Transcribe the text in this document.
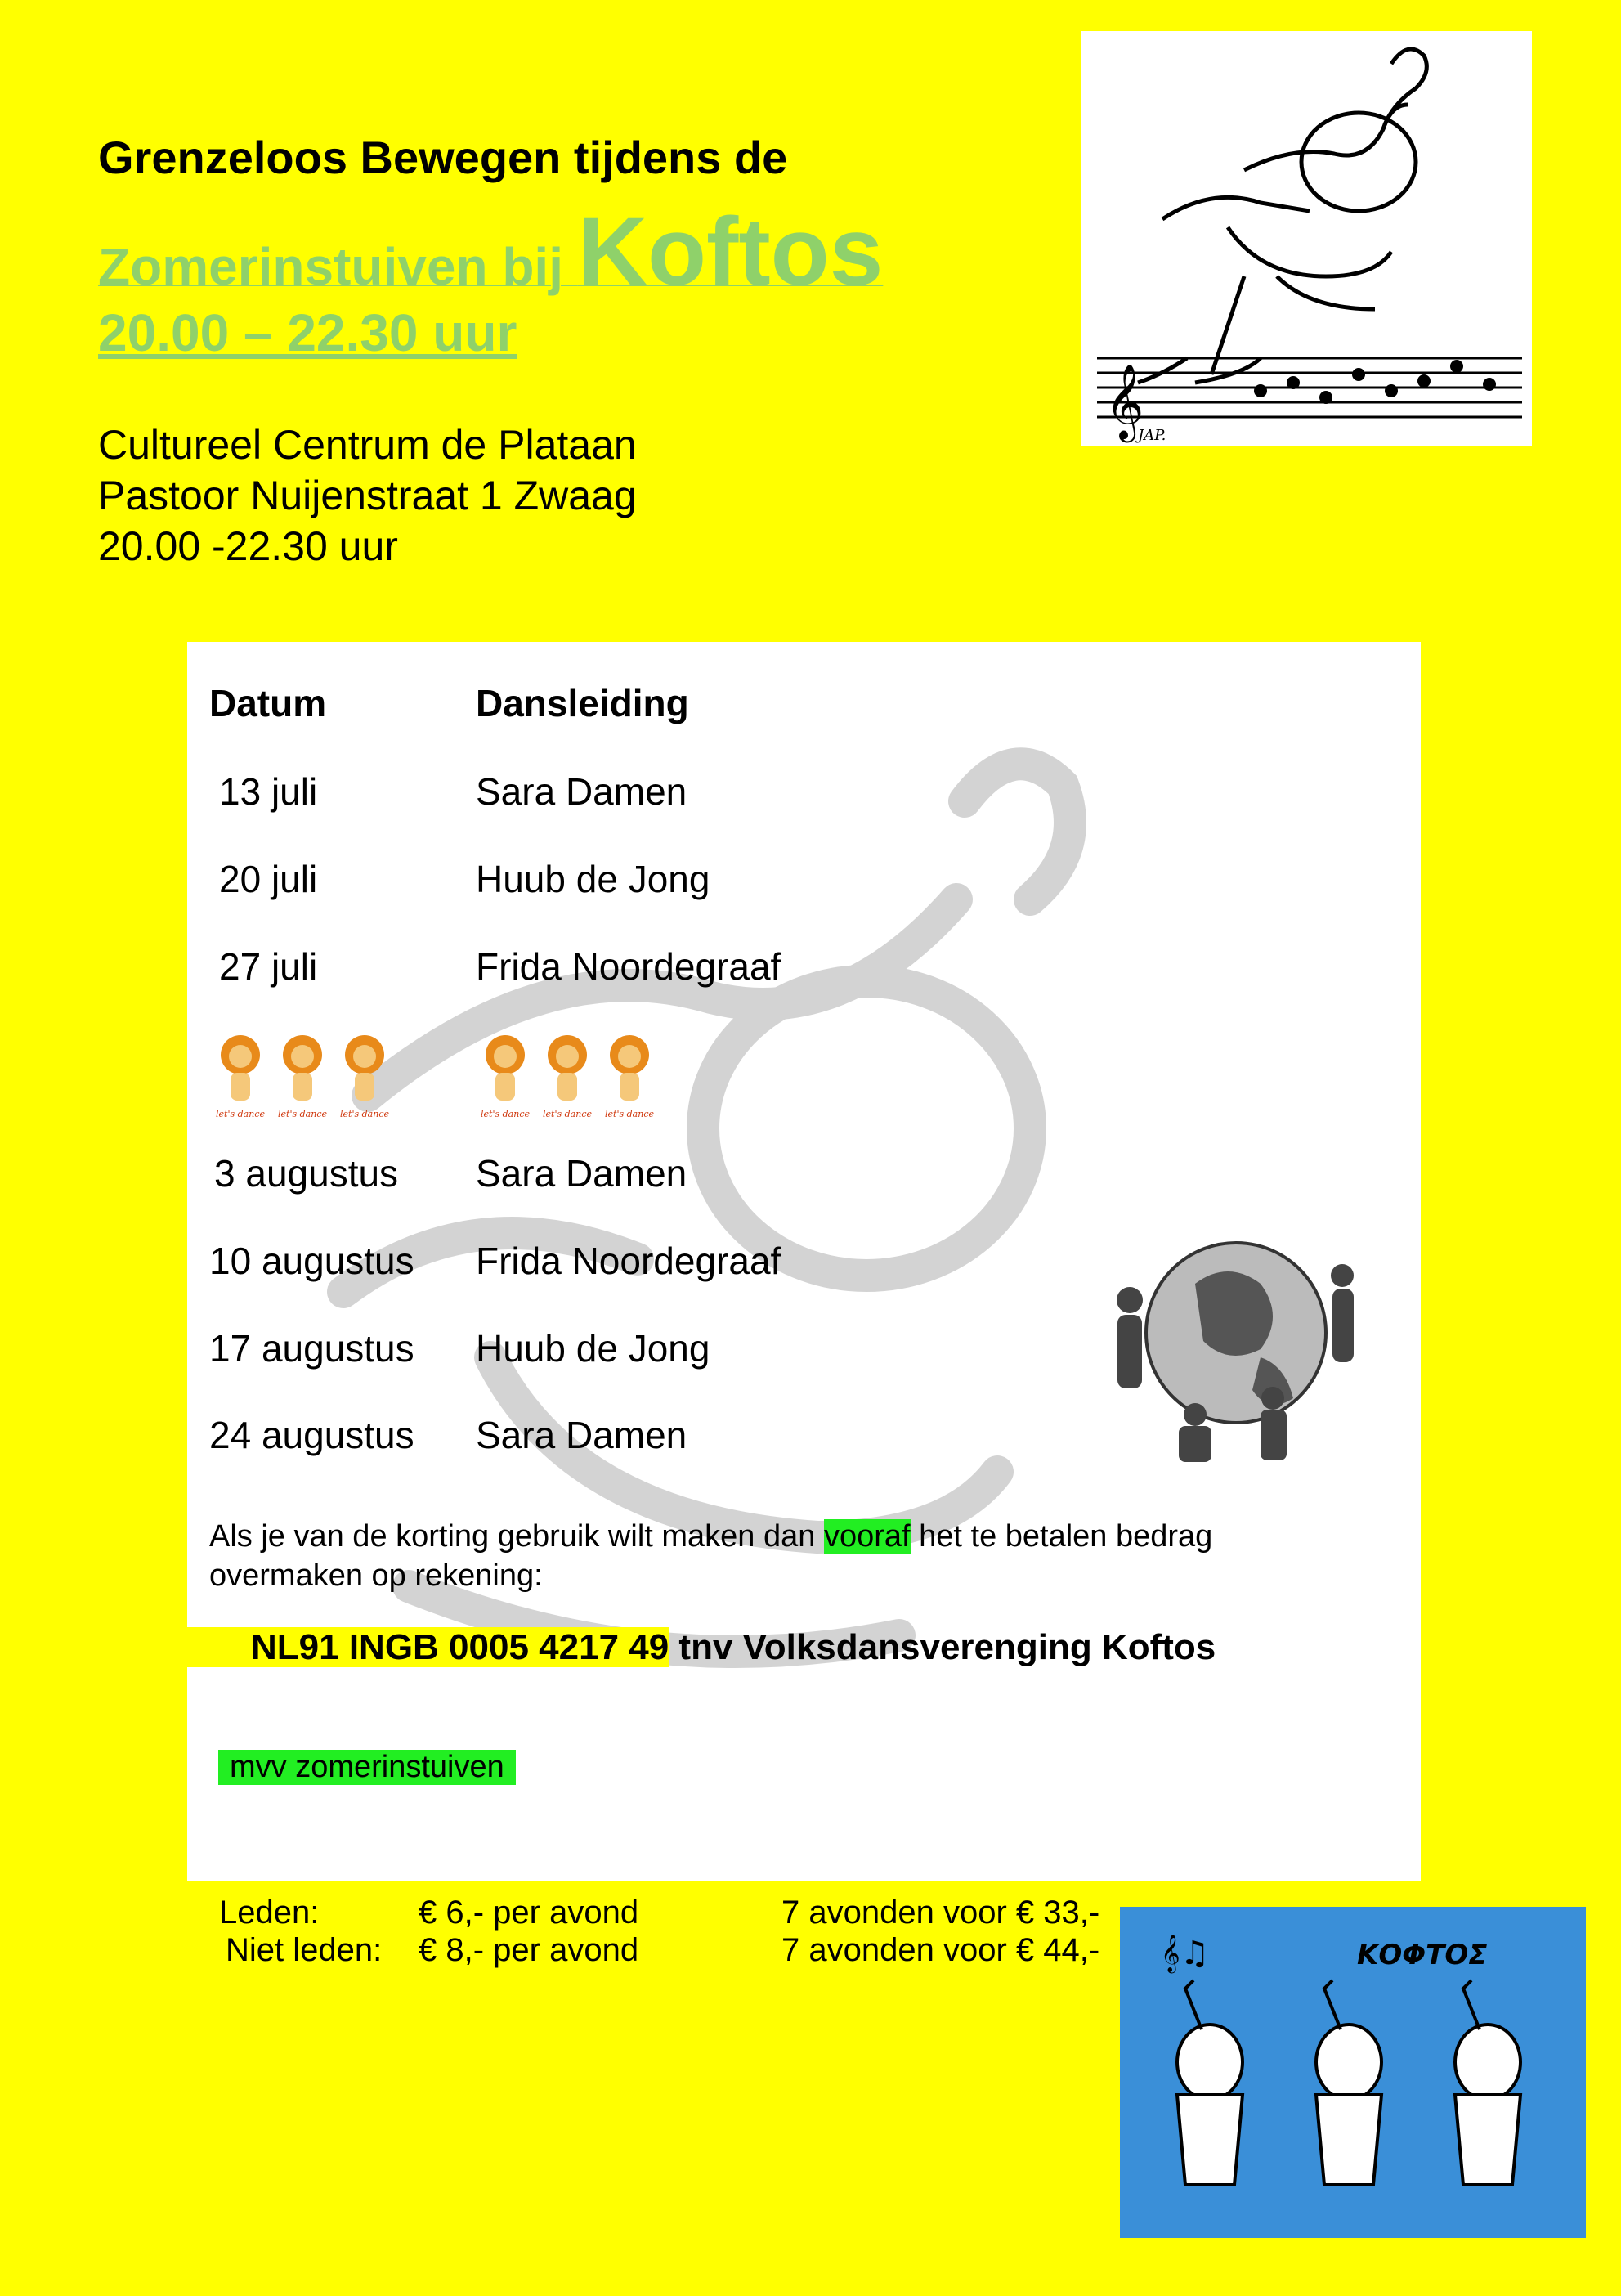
Grenzeloos Bewegen tijdens de
Zomerinstuiven bij Koftos
20.00 – 22.30 uur
Cultureel Centrum de Plataan
Pastoor Nuijenstraat 1 Zwaag
20.00 -22.30 uur
𝄞
JAP.
Datum	Dansleiding
13 juli	Sara Damen
20 juli	Huub de Jong
27 juli	Frida Noordegraaf
let's dance let's dance let's dance	let's dance let's dance let's dance
3 augustus Sara Damen
10 augustus Frida Noordegraaf
17 augustus Huub de Jong
24 augustus Sara Damen
Als je van de korting gebruik wilt maken dan vooraf het te betalen bedrag
overmaken op rekening:
NL91 INGB 0005 4217 49 tnv Volksdansverenging Koftos
mvv zomerinstuiven
Leden:	€ 6,- per avond	7 avonden voor € 33,-
Niet leden: € 8,- per avond	7 avonden voor € 44,- 𝄞♫	ΚΟΦΤΟΣ
